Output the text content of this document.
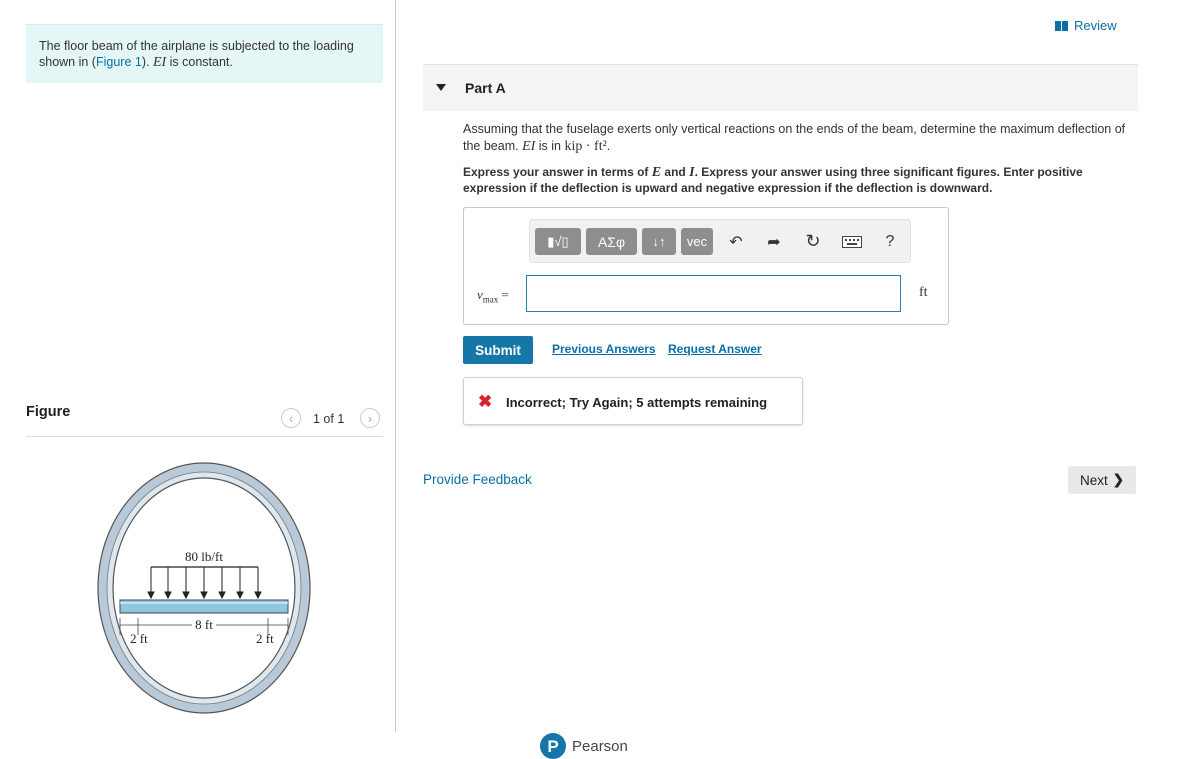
The floor beam of the airplane is subjected to the loading shown in (Figure 1). EI is constant.

Figure	‹ 1 of 1 ›
80 lb/ft
8 ft
2 ft	2 ft
Review
Part A
Assuming that the fuselage exerts only vertical reactions on the ends of the beam, determine the maximum deflection of the beam. EI is in kip · ft².
Express your answer in terms of E and I. Express your answer using three significant figures. Enter positive expression if the deflection is upward and negative expression if the deflection is downward.
▮√▯	ΑΣφ	↓↑	vec	↶ ➦ ↻	?
$v_{max}$ =	ft
Submit	Previous Answers Request Answer
✖ Incorrect; Try Again; 5 attempts remaining
Provide Feedback	Next ❯
P Pearson
